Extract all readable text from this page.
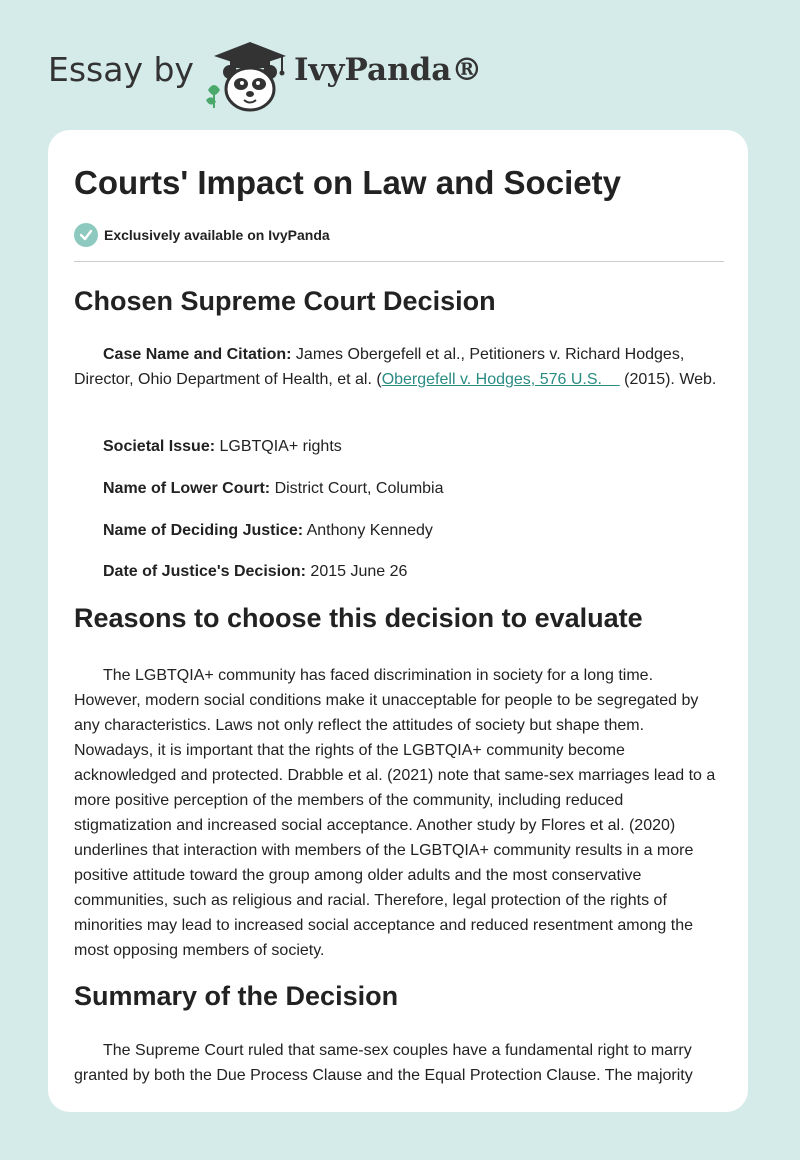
Essay by	IvyPanda®
Courts' Impact on Law and Society
Exclusively available on IvyPanda
Chosen Supreme Court Decision

Case Name and Citation: James Obergefell et al., Petitioners v. Richard Hodges, Director, Ohio Department of Health, et al. (Obergefell v. Hodges, 576 U.S.     (2015). Web.

Societal Issue: LGBTQIA+ rights
Name of Lower Court: District Court, Columbia
Name of Deciding Justice: Anthony Kennedy
Date of Justice's Decision: 2015 June 26
Reasons to choose this decision to evaluate

The LGBTQIA+ community has faced discrimination in society for a long time. However, modern social conditions make it unacceptable for people to be segregated by any characteristics. Laws not only reflect the attitudes of society but shape them. Nowadays, it is important that the rights of the LGBTQIA+ community become acknowledged and protected. Drabble et al. (2021) note that same-sex marriages lead to a more positive perception of the members of the community, including reduced stigmatization and increased social acceptance. Another study by Flores et al. (2020) underlines that interaction with members of the LGBTQIA+ community results in a more positive attitude toward the group among older adults and the most conservative communities, such as religious and racial. Therefore, legal protection of the rights of minorities may lead to increased social acceptance and reduced resentment among the most opposing members of society.

Summary of the Decision

The Supreme Court ruled that same-sex couples have a fundamental right to marry granted by both the Due Process Clause and the Equal Protection Clause. The majority
